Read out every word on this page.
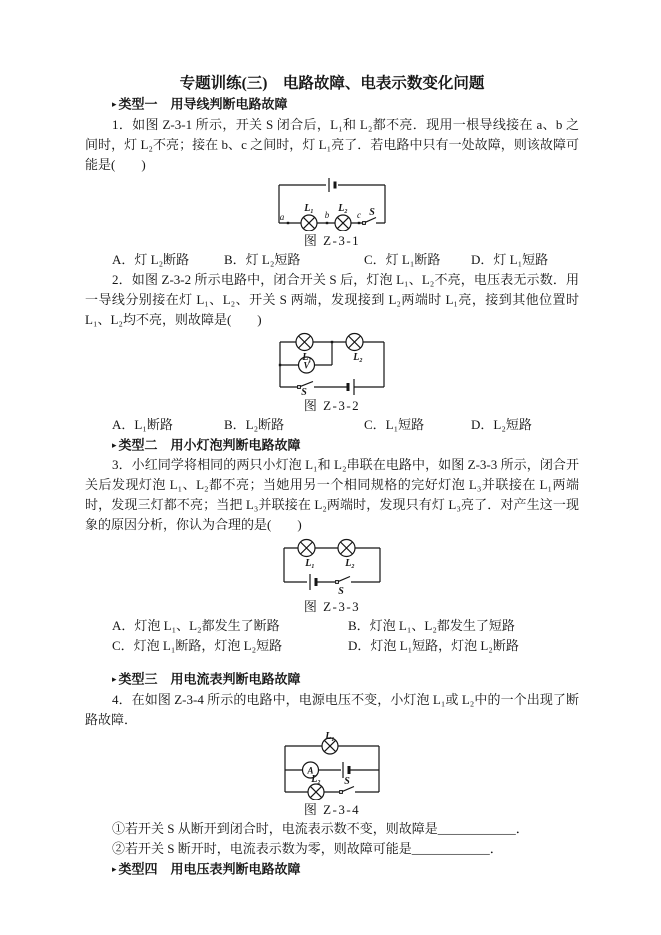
专题训练(三)　电路故障、电表示数变化问题
▸ 类型一　用导线判断电路故障

1．如图 Z-3-1 所示，开关 S 闭合后，L₁和 L₂都不亮．现用一根导线接在 a、b 之间时，灯 L₂不亮；接在 b、c 之间时，灯 L₁亮了．若电路中只有一处故障，则该故障可能是(　　)

a
L₁
b
L₂
c S
图 Z-3-1
A．灯 L₂断路	B．灯 L₂短路	C．灯 L₁断路	D．灯 L₁短路

2．如图 Z-3-2 所示电路中，闭合开关 S 后，灯泡 L₁、L₂不亮，电压表无示数．用一导线分别接在灯 L₁、L₂、开关 S 两端，发现接到 L₂两端时 L₁亮，接到其他位置时 L₁、L₂均不亮，则故障是(　　)

V
L₁	L₂
S
图 Z-3-2
A．L₁断路	B．L₂断路	C．L₁短路	D．L₂短路
▸ 类型二　用小灯泡判断电路故障

3．小红同学将相同的两只小灯泡 L₁和 L₂串联在电路中，如图 Z-3-3 所示，闭合开关后发现灯泡 L₁、L₂都不亮；当她用另一个相同规格的完好灯泡 L₃并联接在 L₁两端时，发现三灯都不亮；当把 L₃并联接在 L₂两端时，发现只有灯 L₃亮了．对产生这一现象的原因分析，你认为合理的是(　　)

L₁	L₂
S
图 Z-3-3
A．灯泡 L₁、L₂都发生了断路	B．灯泡 L₁、L₂都发生了短路
C．灯泡 L₁断路，灯泡 L₂短路	D．灯泡 L₁短路，灯泡 L₂断路
▸ 类型三　用电流表判断电路故障

4．在如图 Z-3-4 所示的电路中，电源电压不变，小灯泡 L₁或 L₂中的一个出现了断路故障．

A
L₁
L₂ S
图 Z-3-4

①若开关 S 从断开到闭合时，电流表示数不变，则故障是____________．

②若开关 S 断开时，电流表示数为零，则故障可能是____________．

▸ 类型四　用电压表判断电路故障
